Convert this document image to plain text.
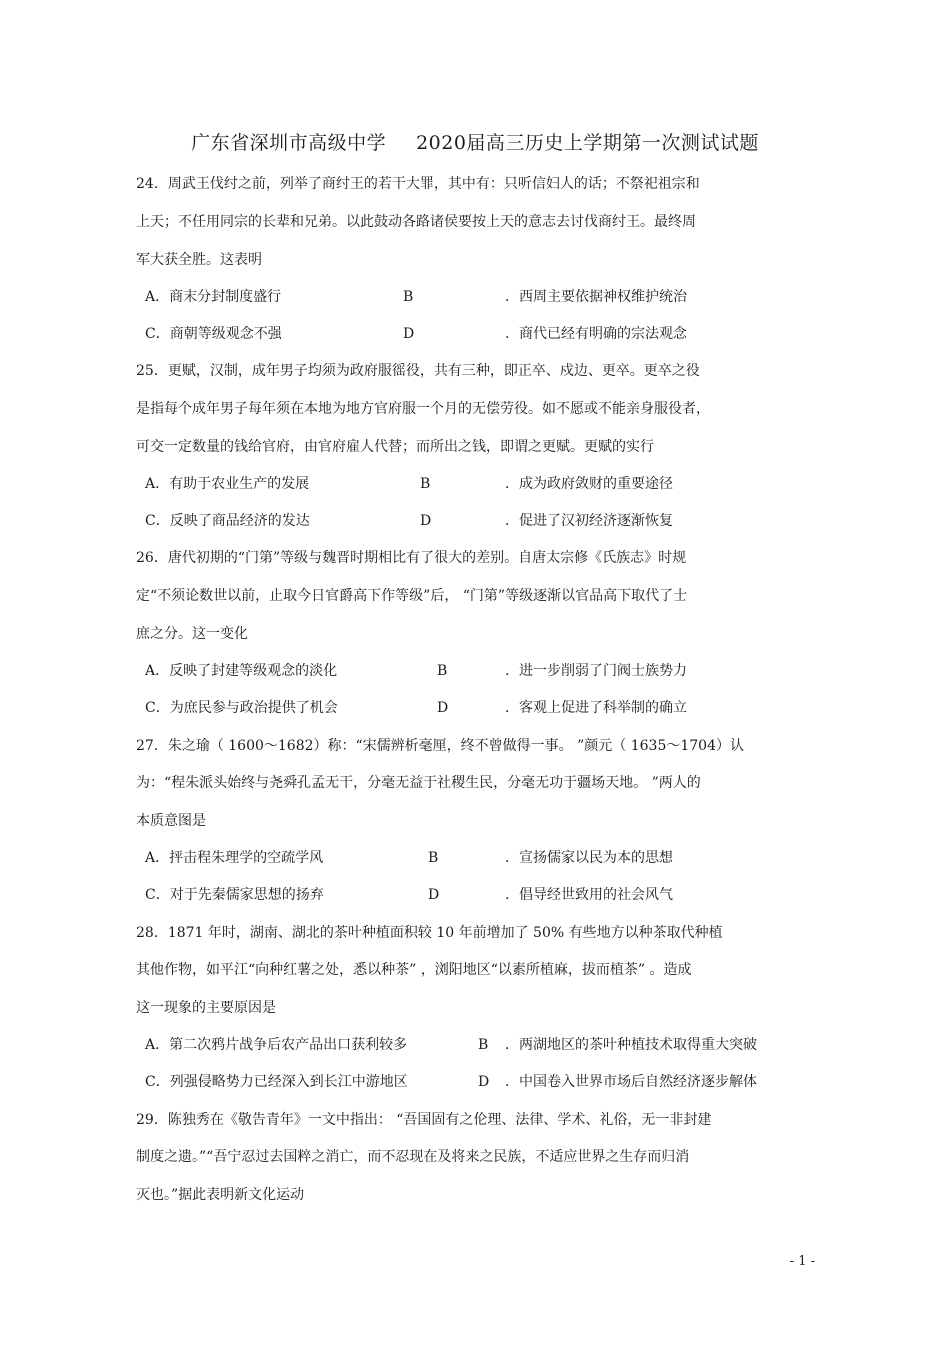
广东省深圳市高级中学 2020届高三历史上学期第一次测试试题
24．周武王伐纣之前，列举了商纣王的若干大罪，其中有：只听信妇人的话；不祭祀祖宗和
上天；不任用同宗的长辈和兄弟。以此鼓动各路诸侯要按上天的意志去讨伐商纣王。最终周
军大获全胜。这表明
A．商末分封制度盛行	B	．西周主要依据神权维护统治
C．商朝等级观念不强	D	．商代已经有明确的宗法观念
25．更赋，汉制，成年男子均须为政府服徭役，共有三种，即正卒、戍边、更卒。更卒之役
是指每个成年男子每年须在本地为地方官府服一个月的无偿劳役。如不愿或不能亲身服役者，
可交一定数量的钱给官府，由官府雇人代替；而所出之钱，即谓之更赋。更赋的实行
A．有助于农业生产的发展	B	．成为政府敛财的重要途径
C．反映了商品经济的发达	D	．促进了汉初经济逐渐恢复
26．唐代初期的“门第”等级与魏晋时期相比有了很大的差别。自唐太宗修《氏族志》时规
定“不须论数世以前，止取今日官爵高下作等级”后， “门第”等级逐渐以官品高下取代了士
庶之分。这一变化
A．反映了封建等级观念的淡化	B	．进一步削弱了门阀士族势力
C．为庶民参与政治提供了机会	D	．客观上促进了科举制的确立
27．朱之瑜（ 1600～1682）称：“宋儒辨析毫厘，终不曾做得一事。 ”颜元（ 1635～1704）认
为：“程朱派头始终与尧舜孔孟无干，分毫无益于社稷生民，分毫无功于疆场天地。 ”两人的
本质意图是
A．抨击程朱理学的空疏学风	B	．宣扬儒家以民为本的思想
C．对于先秦儒家思想的扬弃	D	．倡导经世致用的社会风气
28．1871 年时，湖南、湖北的茶叶种植面积较 10 年前增加了 50% 有些地方以种茶取代种植
其他作物，如平江“向种红薯之处，悉以种茶” ，浏阳地区“以素所植麻，拔而植茶” 。造成
这一现象的主要原因是
A．第二次鸦片战争后农产品出口获利较多	B ．两湖地区的茶叶种植技术取得重大突破
C．列强侵略势力已经深入到长江中游地区	D ．中国卷入世界市场后自然经济逐步解体
29．陈独秀在《敬告青年》一文中指出： “吾国固有之伦理、法律、学术、礼俗，无一非封建
制度之遗。”“吾宁忍过去国粹之消亡，而不忍现在及将来之民族，不适应世界之生存而归消
灭也。”据此表明新文化运动
- 1 -
